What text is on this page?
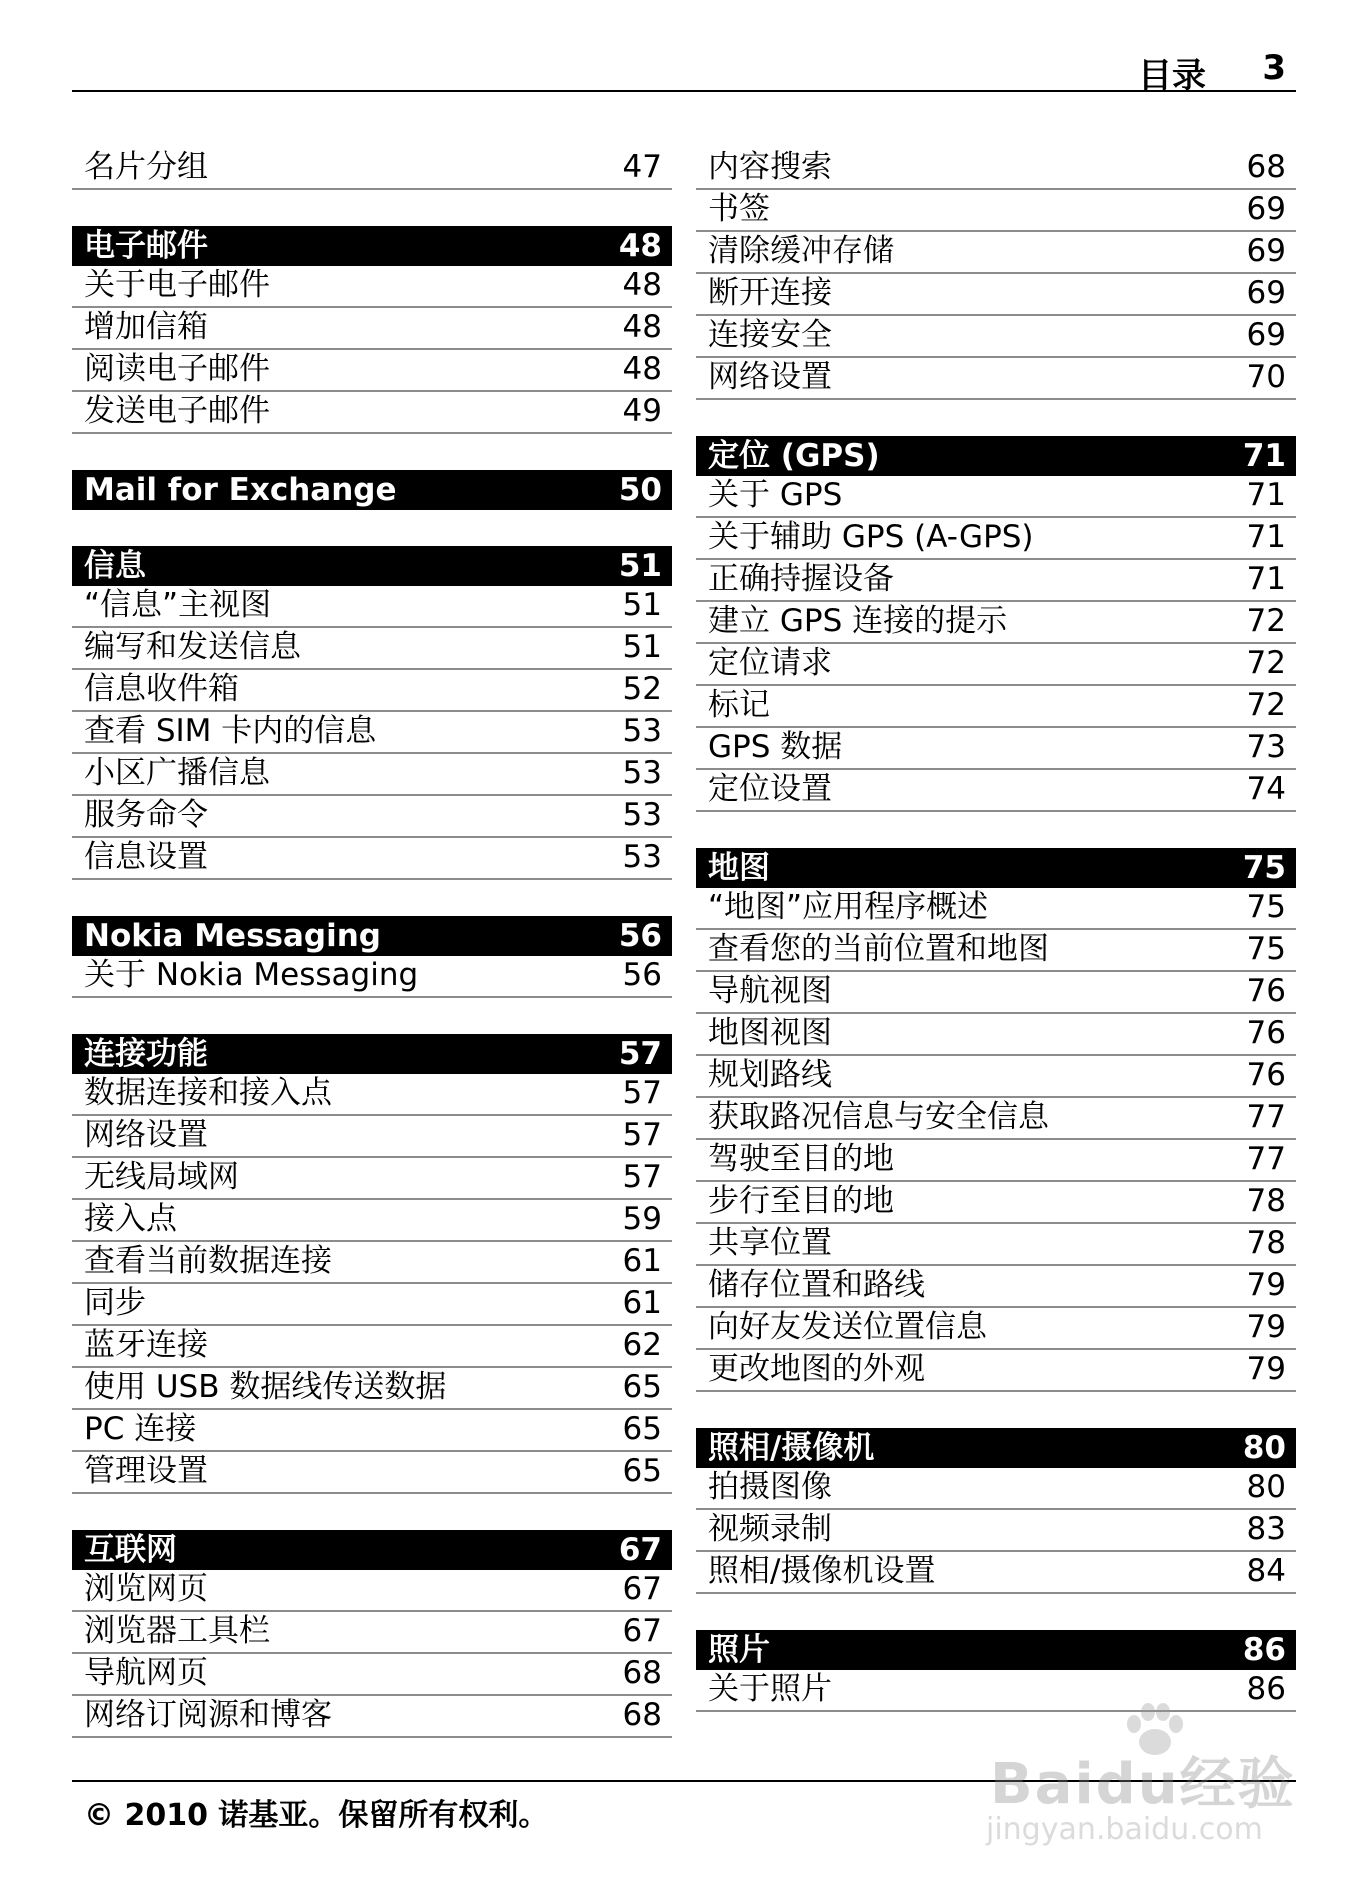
目录 3
名片分组	47
电子邮件	48
关于电子邮件	48
增加信箱	48
阅读电子邮件	48
发送电子邮件	49
Mail for Exchange	50
信息	51
“信息”主视图	51
编写和发送信息	51
信息收件箱	52
查看 SIM 卡内的信息	53
小区广播信息	53
服务命令	53
信息设置	53
Nokia Messaging	56
关于 Nokia Messaging	56
连接功能	57
数据连接和接入点	57
网络设置	57
无线局域网	57
接入点	59
查看当前数据连接	61
同步	61
蓝牙连接	62
使用 USB 数据线传送数据	65
PC 连接	65
管理设置	65
互联网	67
浏览网页	67
浏览器工具栏	67
导航网页	68
网络订阅源和博客	68
内容搜索	68
书签	69
清除缓冲存储	69
断开连接	69
连接安全	69
网络设置	70
定位 (GPS)	71
关于 GPS	71
关于辅助 GPS (A-GPS)	71
正确持握设备	71
建立 GPS 连接的提示	72
定位请求	72
标记	72
GPS 数据	73
定位设置	74
地图	75
“地图”应用程序概述	75
查看您的当前位置和地图	75
导航视图	76
地图视图	76
规划路线	76
获取路况信息与安全信息	77
驾驶至目的地	77
步行至目的地	78
共享位置	78
储存位置和路线	79
向好友发送位置信息	79
更改地图的外观	79
照相/摄像机	80
拍摄图像	80
视频录制	83
照相/摄像机设置	84
照片	86
关于照片	86
© 2010 诺基亚。保留所有权利。	Baidu经验
jingyan.baidu.com
